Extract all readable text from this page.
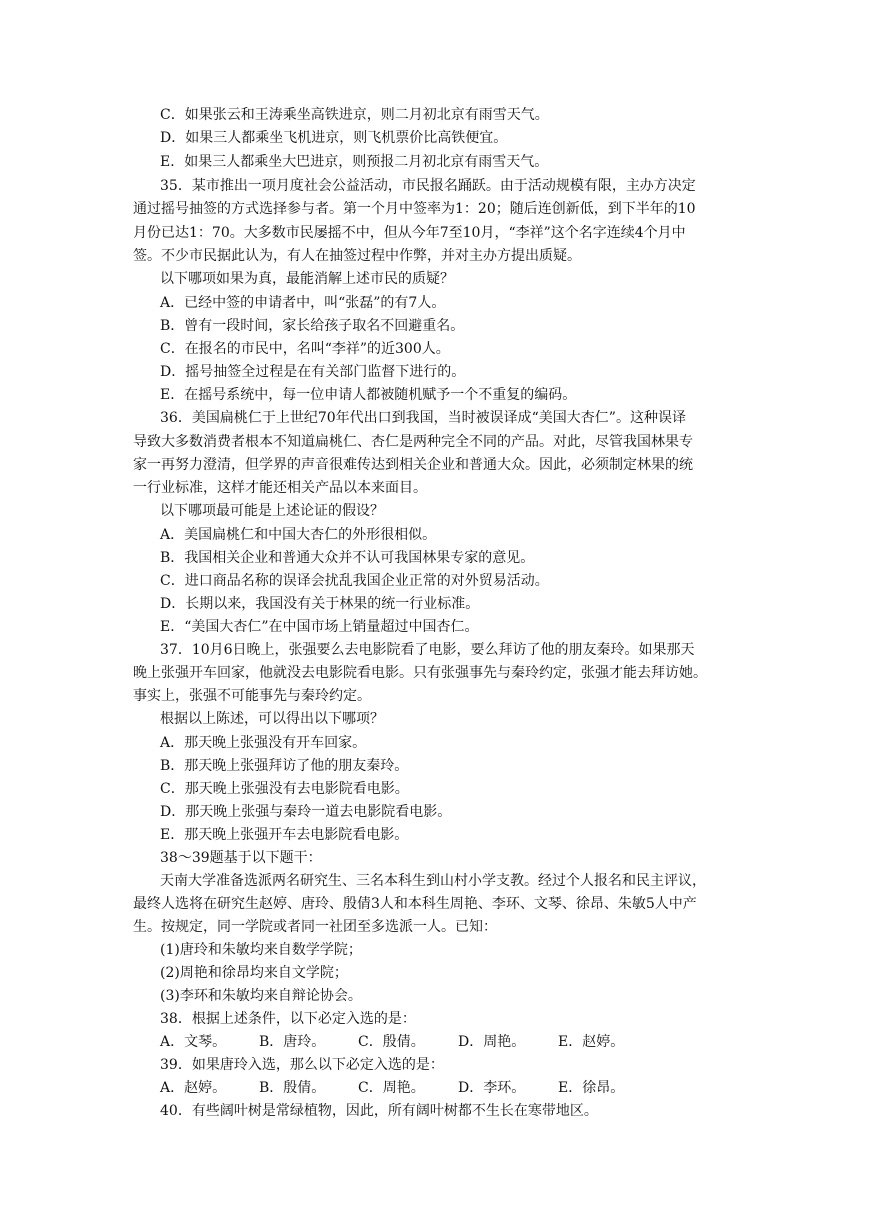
C．如果张云和王涛乘坐高铁进京，则二月初北京有雨雪天气。
D．如果三人都乘坐飞机进京，则飞机票价比高铁便宜。
E．如果三人都乘坐大巴进京，则预报二月初北京有雨雪天气。
35．某市推出一项月度社会公益活动，市民报名踊跃。由于活动规模有限，主办方决定
通过摇号抽签的方式选择参与者。第一个月中签率为1：20；随后连创新低，到下半年的10
月份已达1：70。大多数市民屡摇不中，但从今年7至10月，“李祥”这个名字连续4个月中
签。不少市民据此认为，有人在抽签过程中作弊，并对主办方提出质疑。
以下哪项如果为真，最能消解上述市民的质疑？
A．已经中签的申请者中，叫“张磊”的有7人。
B．曾有一段时间，家长给孩子取名不回避重名。
C．在报名的市民中，名叫“李祥”的近300人。
D．摇号抽签全过程是在有关部门监督下进行的。
E．在摇号系统中，每一位申请人都被随机赋予一个不重复的编码。
36．美国扁桃仁于上世纪70年代出口到我国，当时被误译成“美国大杏仁”。这种误译
导致大多数消费者根本不知道扁桃仁、杏仁是两种完全不同的产品。对此，尽管我国林果专
家一再努力澄清，但学界的声音很难传达到相关企业和普通大众。因此，必须制定林果的统
一行业标准，这样才能还相关产品以本来面目。
以下哪项最可能是上述论证的假设？
A．美国扁桃仁和中国大杏仁的外形很相似。
B．我国相关企业和普通大众并不认可我国林果专家的意见。
C．进口商品名称的误译会扰乱我国企业正常的对外贸易活动。
D．长期以来，我国没有关于林果的统一行业标准。
E．“美国大杏仁”在中国市场上销量超过中国杏仁。
37．10月6日晚上，张强要么去电影院看了电影，要么拜访了他的朋友秦玲。如果那天
晚上张强开车回家，他就没去电影院看电影。只有张强事先与秦玲约定，张强才能去拜访她。
事实上，张强不可能事先与秦玲约定。
根据以上陈述，可以得出以下哪项？
A．那天晚上张强没有开车回家。
B．那天晚上张强拜访了他的朋友秦玲。
C．那天晚上张强没有去电影院看电影。
D．那天晚上张强与秦玲一道去电影院看电影。
E．那天晚上张强开车去电影院看电影。
38～39题基于以下题干：
天南大学准备选派两名研究生、三名本科生到山村小学支教。经过个人报名和民主评议，
最终人选将在研究生赵婷、唐玲、殷倩3人和本科生周艳、李环、文琴、徐昂、朱敏5人中产
生。按规定，同一学院或者同一社团至多选派一人。已知：
(1)唐玲和朱敏均来自数学学院；
(2)周艳和徐昂均来自文学院；
(3)李环和朱敏均来自辩论协会。
38．根据上述条件，以下必定入选的是：
A．文琴。 B．唐玲。 C．殷倩。 D．周艳。 E．赵婷。
39．如果唐玲入选，那么以下必定入选的是：
A．赵婷。 B．殷倩。 C．周艳。 D．李环。 E．徐昂。
40．有些阔叶树是常绿植物，因此，所有阔叶树都不生长在寒带地区。
